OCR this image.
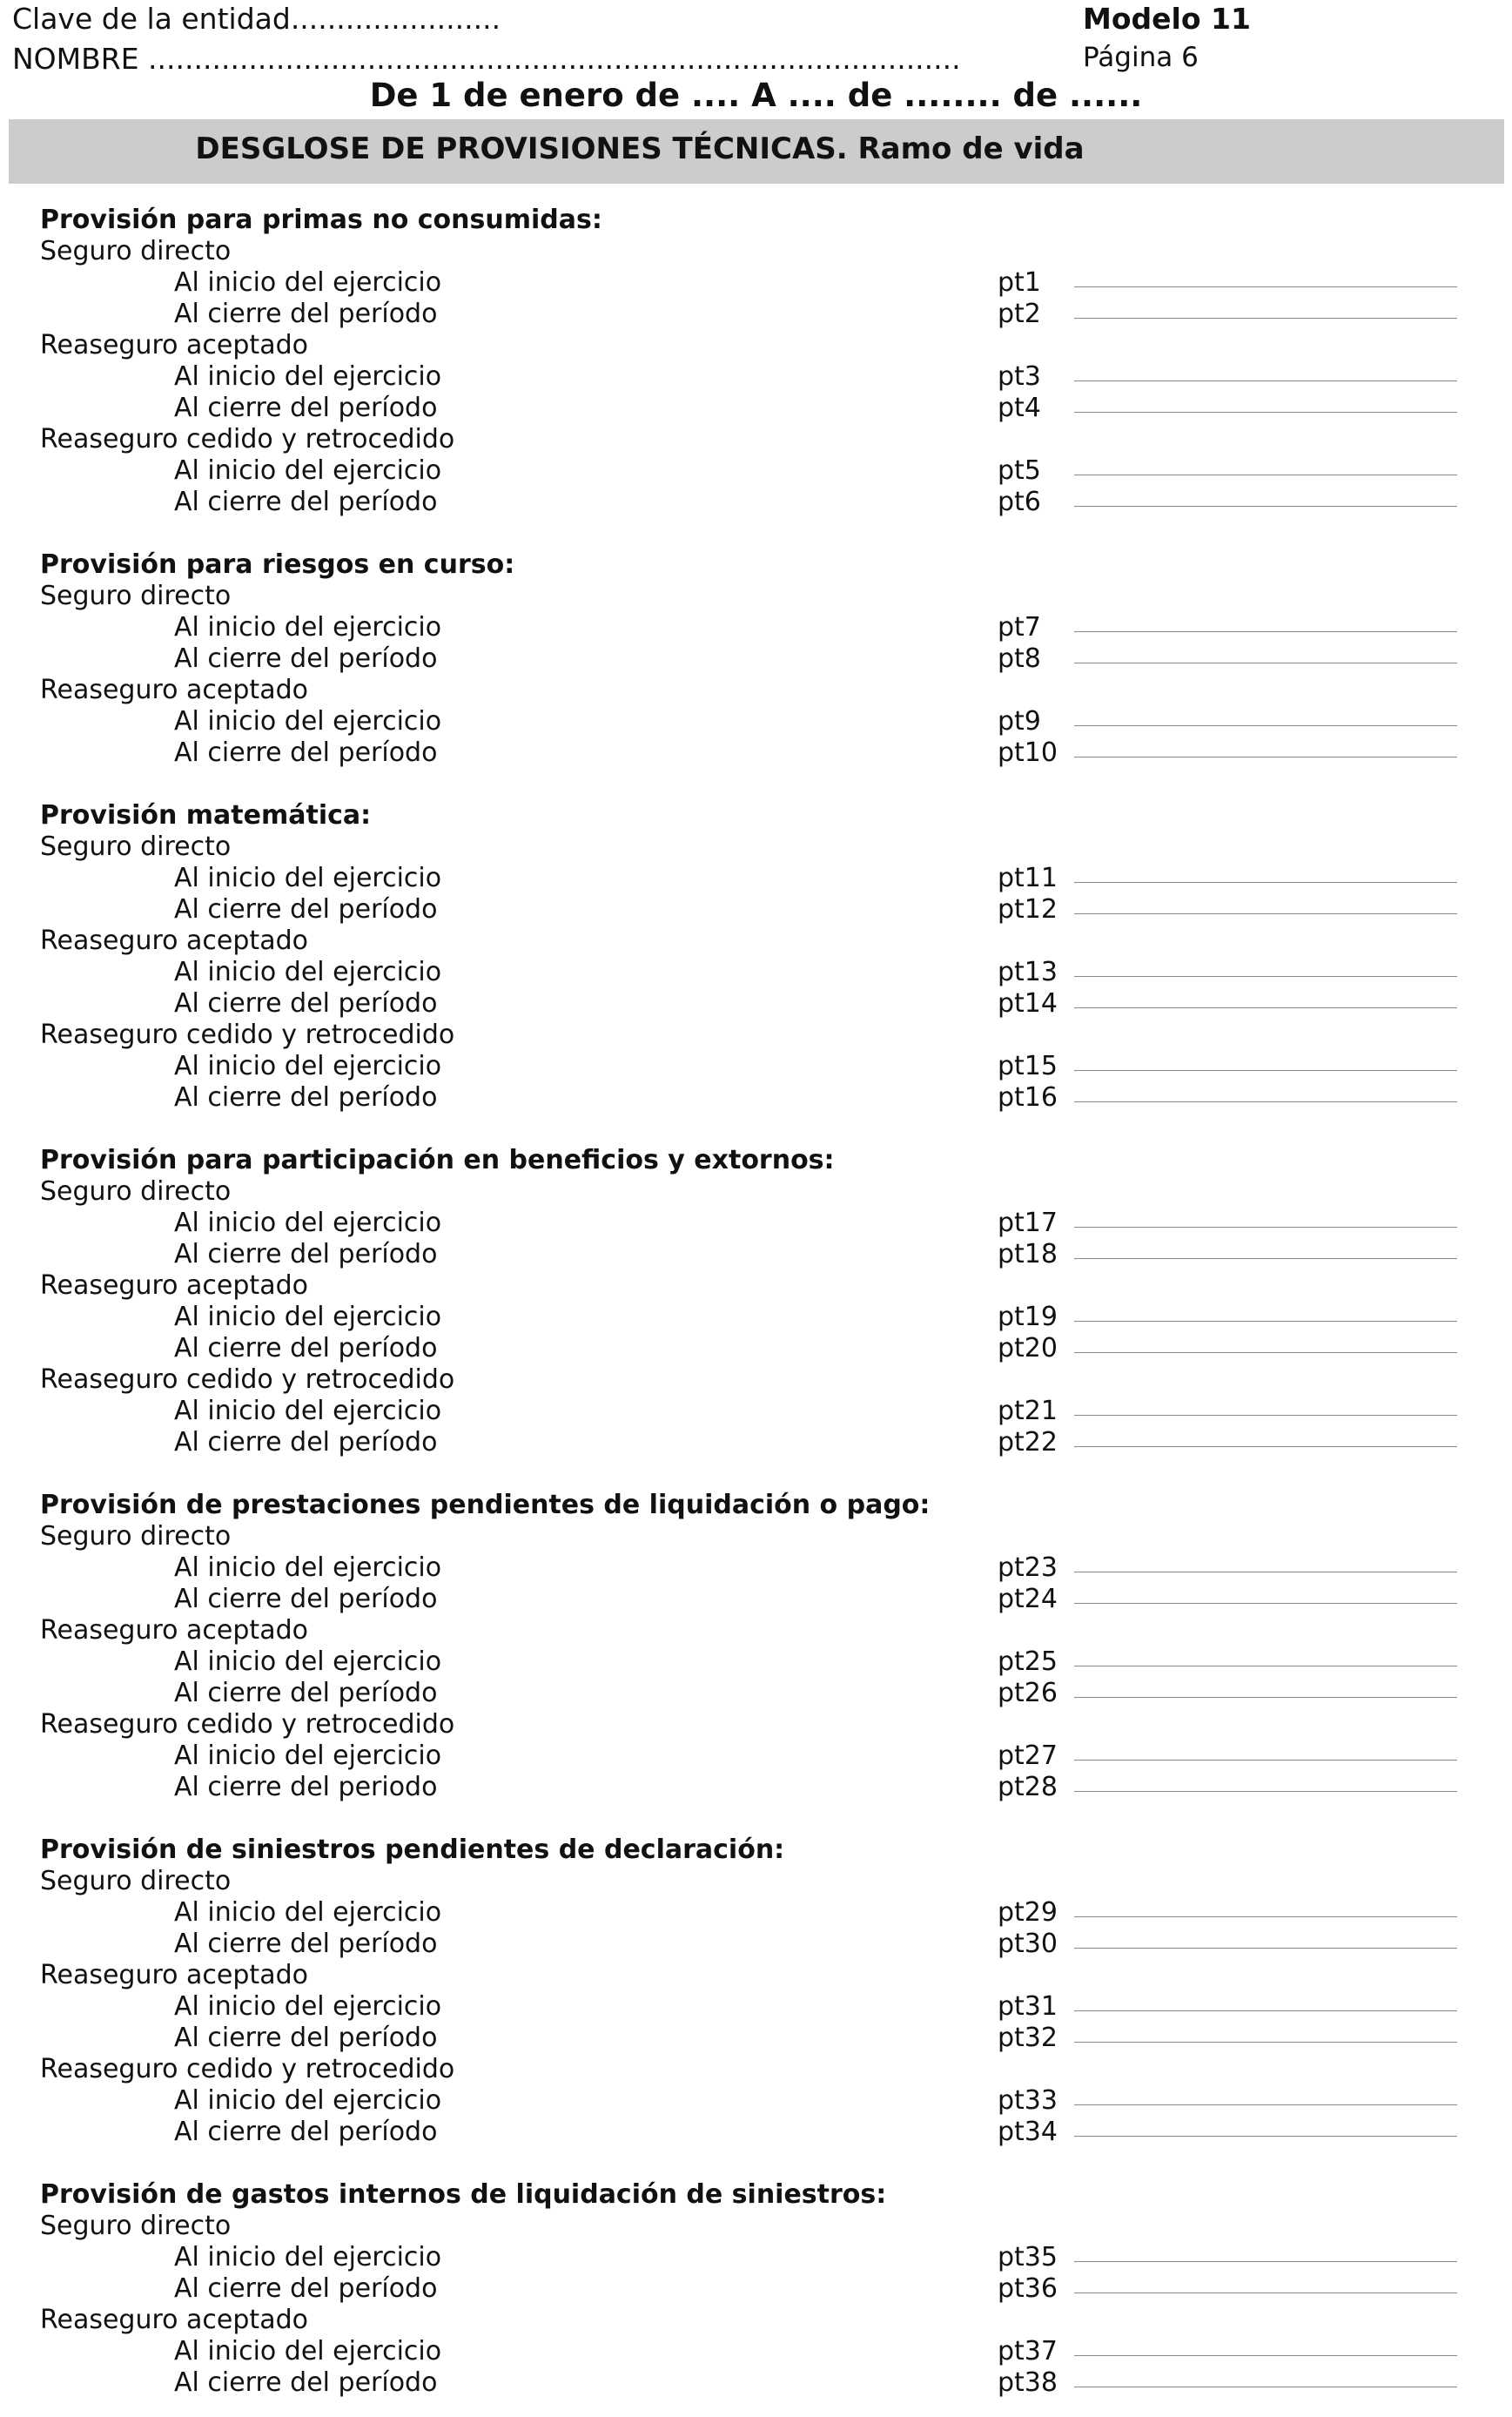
Clave de la entidad.......................	Modelo 11
NOMBRE .........................................................................................	Página 6
De 1 de enero de .... A .... de ........ de ......
DESGLOSE DE PROVISIONES TÉCNICAS. Ramo de vida
Provisión para primas no consumidas:
Seguro directo
Al inicio del ejercicio	pt1
Al cierre del período	pt2
Reaseguro aceptado
Al inicio del ejercicio	pt3
Al cierre del período	pt4
Reaseguro cedido y retrocedido
Al inicio del ejercicio	pt5
Al cierre del período	pt6
Provisión para riesgos en curso:
Seguro directo
Al inicio del ejercicio	pt7
Al cierre del período	pt8
Reaseguro aceptado
Al inicio del ejercicio	pt9
Al cierre del período	pt10
Provisión matemática:
Seguro directo
Al inicio del ejercicio	pt11
Al cierre del período	pt12
Reaseguro aceptado
Al inicio del ejercicio	pt13
Al cierre del período	pt14
Reaseguro cedido y retrocedido
Al inicio del ejercicio	pt15
Al cierre del período	pt16
Provisión para participación en beneficios y extornos:
Seguro directo
Al inicio del ejercicio	pt17
Al cierre del período	pt18
Reaseguro aceptado
Al inicio del ejercicio	pt19
Al cierre del período	pt20
Reaseguro cedido y retrocedido
Al inicio del ejercicio	pt21
Al cierre del período	pt22
Provisión de prestaciones pendientes de liquidación o pago:
Seguro directo
Al inicio del ejercicio	pt23
Al cierre del período	pt24
Reaseguro aceptado
Al inicio del ejercicio	pt25
Al cierre del período	pt26
Reaseguro cedido y retrocedido
Al inicio del ejercicio	pt27
Al cierre del periodo	pt28
Provisión de siniestros pendientes de declaración:
Seguro directo
Al inicio del ejercicio	pt29
Al cierre del período	pt30
Reaseguro aceptado
Al inicio del ejercicio	pt31
Al cierre del período	pt32
Reaseguro cedido y retrocedido
Al inicio del ejercicio	pt33
Al cierre del período	pt34
Provisión de gastos internos de liquidación de siniestros:
Seguro directo
Al inicio del ejercicio	pt35
Al cierre del período	pt36
Reaseguro aceptado
Al inicio del ejercicio	pt37
Al cierre del período	pt38
